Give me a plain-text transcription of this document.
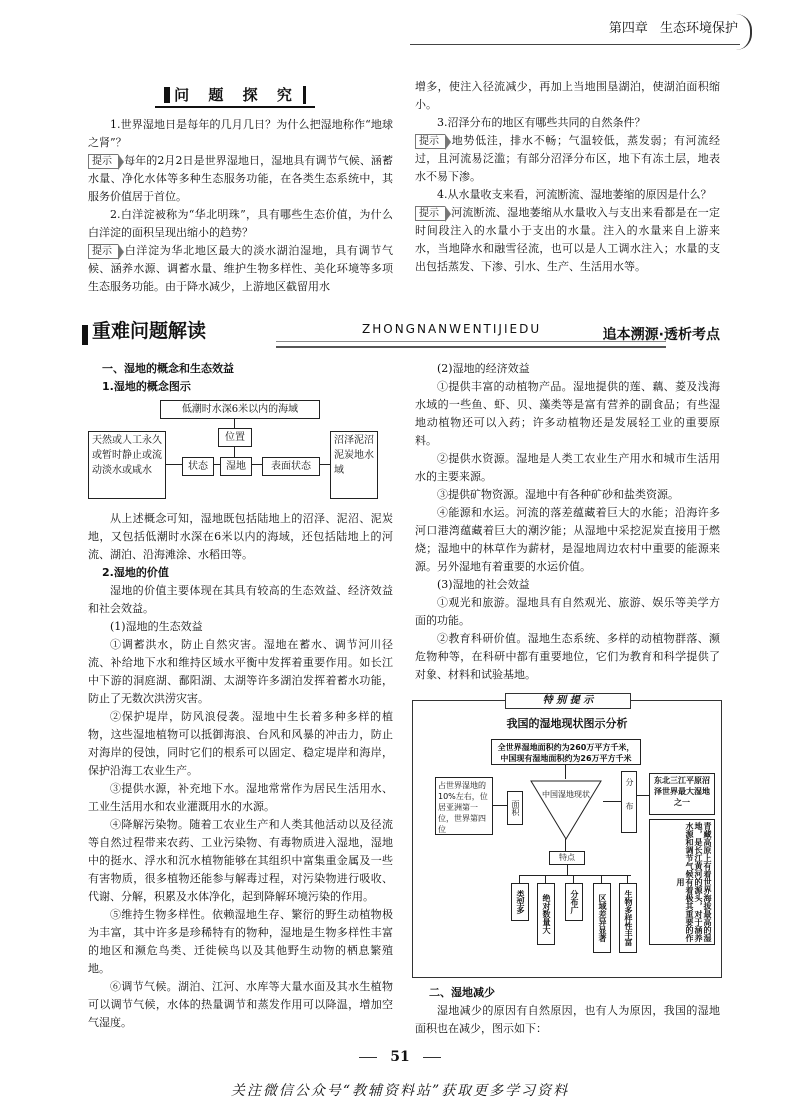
第四章 生态环境保护
问 题 探 究
1.世界湿地日是每年的几月几日？为什么把湿地称作“地球之肾”？
提示 每年的2月2日是世界湿地日，湿地具有调节气候、涵蓄水量、净化水体等多种生态服务功能，在各类生态系统中，其服务价值居于首位。
2.白洋淀被称为“华北明珠”，具有哪些生态价值，为什么白洋淀的面积呈现出缩小的趋势？
提示 白洋淀为华北地区最大的淡水湖泊湿地，具有调节气候、涵养水源、调蓄水量、维护生物多样性、美化环境等多项生态服务功能。由于降水减少，上游地区截留用水
增多，使注入径流减少，再加上当地围垦湖泊，使湖泊面积缩小。
3.沼泽分布的地区有哪些共同的自然条件？
提示 地势低洼，排水不畅；气温较低，蒸发弱；有河流经过，且河流易泛滥；有部分沼泽分布区，地下有冻土层，地表水不易下渗。
4.从水量收支来看，河流断流、湿地萎缩的原因是什么？
提示 河流断流、湿地萎缩从水量收入与支出来看都是在一定时间段注入的水量小于支出的水量。注入的水量来自上游来水，当地降水和融雪径流，也可以是人工调水注入；水量的支出包括蒸发、下渗、引水、生产、生活用水等。
重难问题解读	ZHONGNANWENTIJIEDU	追本溯源·透析考点
一、湿地的概念和生态效益
1.湿地的概念图示
低潮时水深6米以内的海域
位置
天然或人工永久或暂时静止或流动淡水或咸水	状态	湿地	表面状态
沼泽泥沼泥炭地水域
从上述概念可知，湿地既包括陆地上的沼泽、泥沼、泥炭地，又包括低潮时水深在6米以内的海域，还包括陆地上的河流、湖泊、沿海滩涂、水稻田等。
2.湿地的价值
湿地的价值主要体现在其具有较高的生态效益、经济效益和社会效益。
(1)湿地的生态效益
①调蓄洪水，防止自然灾害。湿地在蓄水、调节河川径流、补给地下水和维持区域水平衡中发挥着重要作用。如长江中下游的洞庭湖、鄱阳湖、太湖等许多湖泊发挥着蓄水功能，防止了无数次洪涝灾害。
②保护堤岸，防风浪侵袭。湿地中生长着多种多样的植物，这些湿地植物可以抵御海浪、台风和风暴的冲击力，防止对海岸的侵蚀，同时它们的根系可以固定、稳定堤岸和海岸，保护沿海工农业生产。
③提供水源，补充地下水。湿地常常作为居民生活用水、工业生活用水和农业灌溉用水的水源。
④降解污染物。随着工农业生产和人类其他活动以及径流等自然过程带来农药、工业污染物、有毒物质进入湿地，湿地中的挺水、浮水和沉水植物能够在其组织中富集重金属及一些有害物质，很多植物还能参与解毒过程，对污染物进行吸收、代谢、分解，积累及水体净化，起到降解环境污染的作用。
⑤维持生物多样性。依赖湿地生存、繁衍的野生动植物极为丰富，其中许多是珍稀特有的物种，湿地是生物多样性丰富的地区和濒危鸟类、迁徙候鸟以及其他野生动物的栖息繁殖地。
⑥调节气候。湖泊、江河、水库等大量水面及其水生植物可以调节气候，水体的热量调节和蒸发作用可以降温，增加空气湿度。
(2)湿地的经济效益
①提供丰富的动植物产品。湿地提供的莲、藕、菱及浅海水域的一些鱼、虾、贝、藻类等是富有营养的副食品；有些湿地动植物还可以入药；许多动植物还是发展轻工业的重要原料。
②提供水资源。湿地是人类工农业生产用水和城市生活用水的主要来源。
③提供矿物资源。湿地中有各种矿砂和盐类资源。
④能源和水运。河流的落差蕴藏着巨大的水能；沿海许多河口港湾蕴藏着巨大的潮汐能；从湿地中采挖泥炭直接用于燃烧；湿地中的林草作为薪材，是湿地周边农村中重要的能源来源。另外湿地有着重要的水运价值。
(3)湿地的社会效益
①观光和旅游。湿地具有自然观光、旅游、娱乐等美学方面的功能。
②教育科研价值。湿地生态系统、多样的动植物群落、濒危物种等，在科研中都有重要地位，它们为教育和科学提供了对象、材料和试验基地。
特 别 提 示
我国的湿地现状图示分析
全世界湿地面积约为260万平方千米，中国现有湿地面积约为26万平方千米
占世界湿地的10%左右，位居亚洲第一位，世界第四位
面积
中国湿地现状	分布	东北三江平原沼泽世界最大湿地之一
青藏高原上有着世界海拔最高的湿地，是长江黄河的源头，对于涵养水源和调节气候有着极其重要的作用
特点
类型多	绝对数量大	分布广	区域差异显著	生物多样性丰富
二、湿地减少
湿地减少的原因有自然原因，也有人为原因，我国的湿地面积也在减少，图示如下：
51
关注微信公众号“教辅资料站”获取更多学习资料
